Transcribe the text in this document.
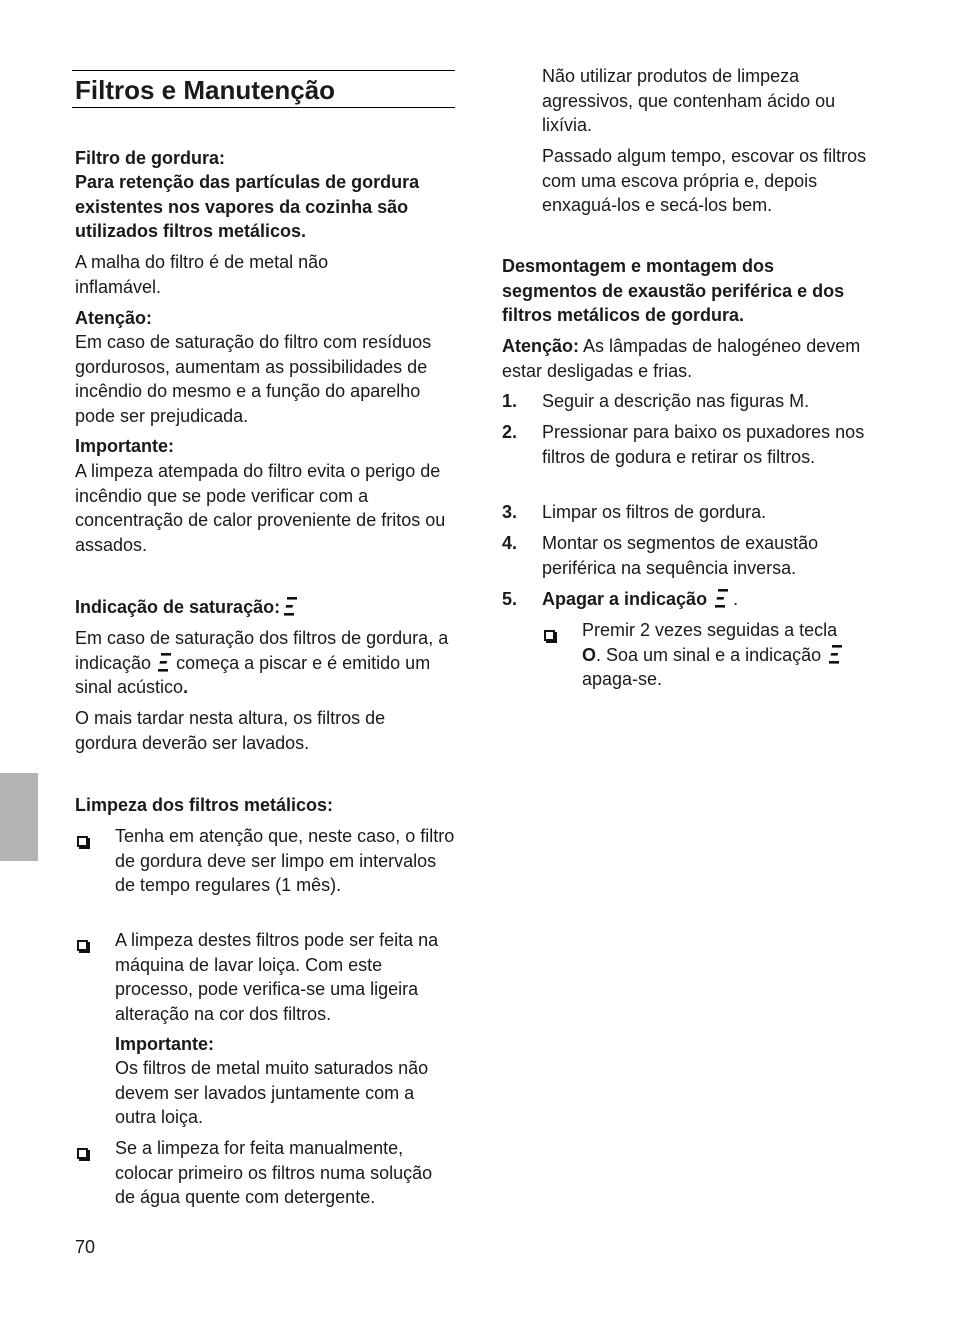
Filtros e Manutenção

Filtro de gordura:

Para retenção das partículas de gordura existentes nos vapores da cozinha são utilizados filtros metálicos.

A malha do filtro é de metal não inflamável.

Atenção:

Em caso de saturação do filtro com resíduos gordurosos, aumentam as possibilidades de incêndio do mesmo e a função do aparelho pode ser prejudicada.

Importante:

A limpeza atempada do filtro evita o perigo de incêndio que se pode verificar com a concentração de calor proveniente de fritos ou assados.

Indicação de saturação:

Em caso de saturação dos filtros de gordura, a indicação começa a piscar e é emitido um sinal acústico.

O mais tardar nesta altura, os filtros de gordura deverão ser lavados.

Limpeza dos filtros metálicos:

Tenha em atenção que, neste caso, o filtro de gordura deve ser limpo em intervalos de tempo regulares (1 mês).

A limpeza destes filtros pode ser feita na máquina de lavar loiça. Com este processo, pode verifica-se uma ligeira alteração na cor dos filtros.

Importante:

Os filtros de metal muito saturados não devem ser lavados juntamente com a outra loiça.

Se a limpeza for feita manualmente, colocar primeiro os filtros numa solução de água quente com detergente.

70

Não utilizar produtos de limpeza agressivos, que contenham ácido ou lixívia.

Passado algum tempo, escovar os filtros com uma escova própria e, depois enxaguá-los e secá-los bem.

Desmontagem e montagem dos segmentos de exaustão periférica e dos filtros metálicos de gordura.

Atenção: As lâmpadas de halogéneo devem estar desligadas e frias.

1. Seguir a descrição nas figuras M.

2. Pressionar para baixo os puxadores nos filtros de godura e retirar os filtros.

3. Limpar os filtros de gordura.

4. Montar os segmentos de exaustão periférica na sequência inversa.

5. Apagar a indicação .

Premir 2 vezes seguidas a tecla
O. Soa um sinal e a indicação

apaga-se.
